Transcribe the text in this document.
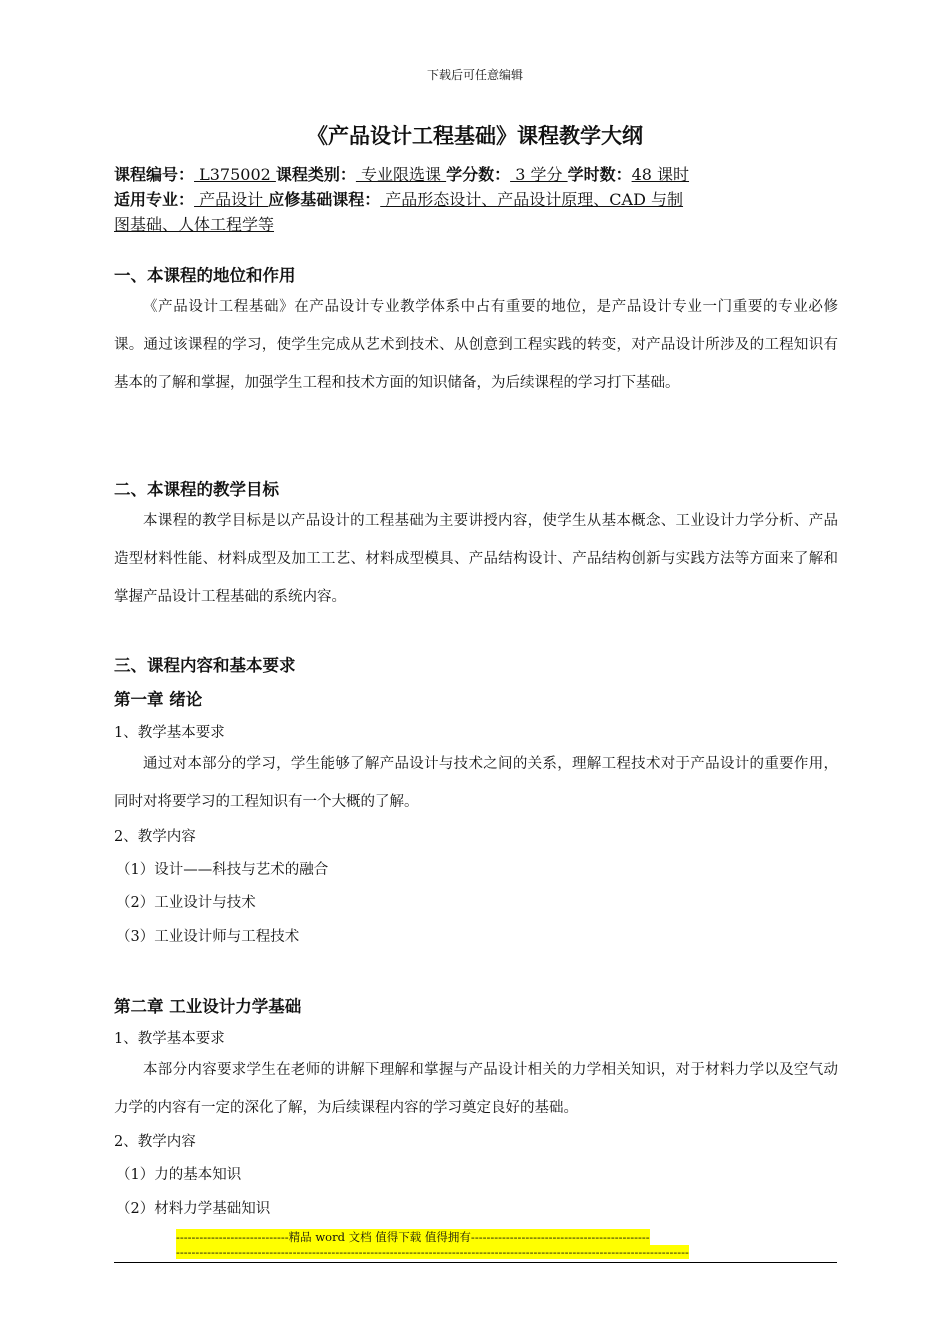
下载后可任意编辑
《产品设计工程基础》课程教学大纲
课程编号： L375002 课程类别： 专业限选课 学分数： 3 学分 学时数：48 课时
适用专业： 产品设计 应修基础课程： 产品形态设计、产品设计原理、CAD 与制
图基础、人体工程学等
一、本课程的地位和作用
《产品设计工程基础》在产品设计专业教学体系中占有重要的地位，是产品设计专业一门重要的专业必修课。通过该课程的学习，使学生完成从艺术到技术、从创意到工程实践的转变，对产品设计所涉及的工程知识有基本的了解和掌握，加强学生工程和技术方面的知识储备，为后续课程的学习打下基础。
二、本课程的教学目标
本课程的教学目标是以产品设计的工程基础为主要讲授内容，使学生从基本概念、工业设计力学分析、产品造型材料性能、材料成型及加工工艺、材料成型模具、产品结构设计、产品结构创新与实践方法等方面来了解和掌握产品设计工程基础的系统内容。
三、课程内容和基本要求
第一章 绪论
1、教学基本要求
通过对本部分的学习，学生能够了解产品设计与技术之间的关系，理解工程技术对于产品设计的重要作用，同时对将要学习的工程知识有一个大概的了解。
2、教学内容
（1）设计——科技与艺术的融合
（2）工业设计与技术
（3）工业设计师与工程技术
第二章 工业设计力学基础
1、教学基本要求
本部分内容要求学生在老师的讲解下理解和掌握与产品设计相关的力学相关知识，对于材料力学以及空气动力学的内容有一定的深化了解，为后续课程内容的学习奠定良好的基础。
2、教学内容
（1）力的基本知识
（2）材料力学基础知识
-----------------------------精品 word 文档 值得下载 值得拥有----------------------------------------------
------------------------------------------------------------------------------------------------------------------------------------
